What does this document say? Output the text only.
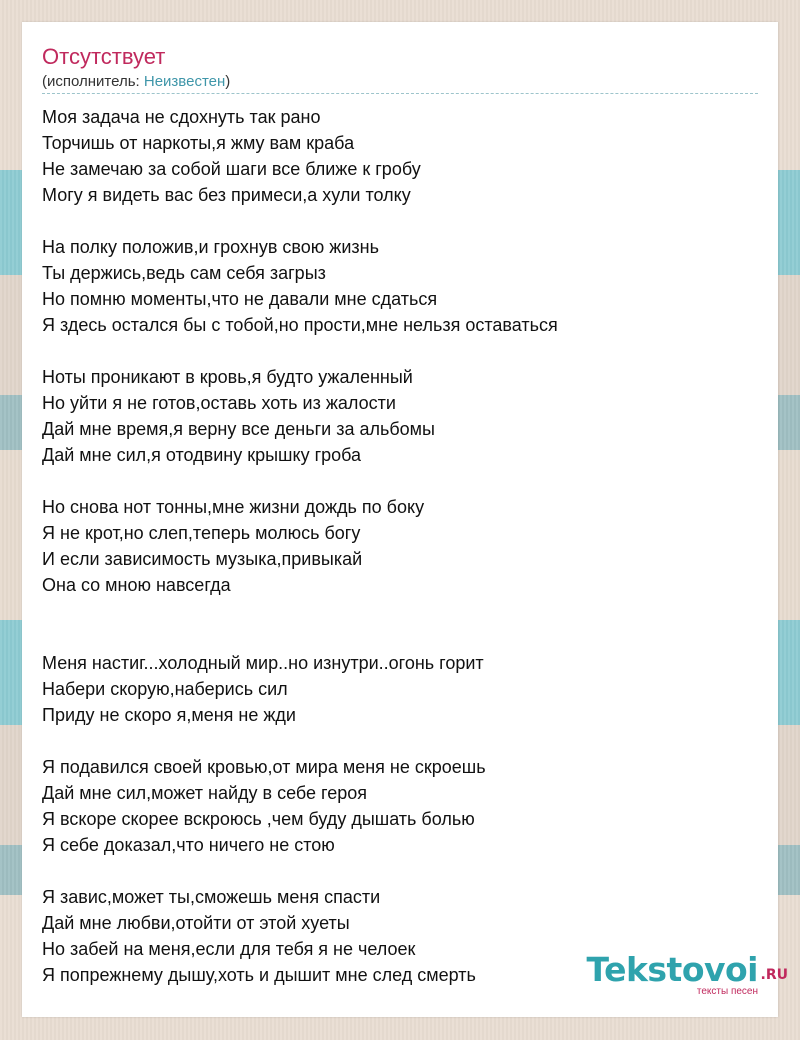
Отсутствует
(исполнитель: Неизвестен)
Моя задача не сдохнуть так рано
Торчишь от наркоты,я жму вам краба
Не замечаю за собой шаги все ближе к гробу
Могу я видеть вас без примеси,а хули толку
На полку положив,и грохнув свою жизнь
Ты держись,ведь сам себя загрыз
Но помню моменты,что не давали мне сдаться
Я здесь остался бы с тобой,но прости,мне нельзя оставаться
Ноты проникают в кровь,я будто ужаленный
Но уйти я не готов,оставь хоть из жалости
Дай мне время,я верну все деньги за альбомы
Дай мне сил,я отодвину крышку гроба
Но снова нот тонны,мне жизни дождь по боку
Я не крот,но слеп,теперь молюсь богу
И если зависимость музыка,привыкай
Она со мною навсегда
Меня настиг...холодный мир..но изнутри..огонь горит
Набери скорую,наберись сил
Приду не скоро я,меня не жди
Я подавился своей кровью,от мира меня не скроешь
Дай мне сил,может найду в себе героя
Я вскоре скорее вскроюсь ,чем буду дышать болью
Я себе доказал,что ничего не стою
Я завис,может ты,сможешь меня спасти
Дай мне любви,отойти от этой хуеты
Но забей на меня,если для тебя я не челоек
Я попрежнему дышу,хоть и дышит мне след смерть	Tekstovoi .RU
тексты песен
